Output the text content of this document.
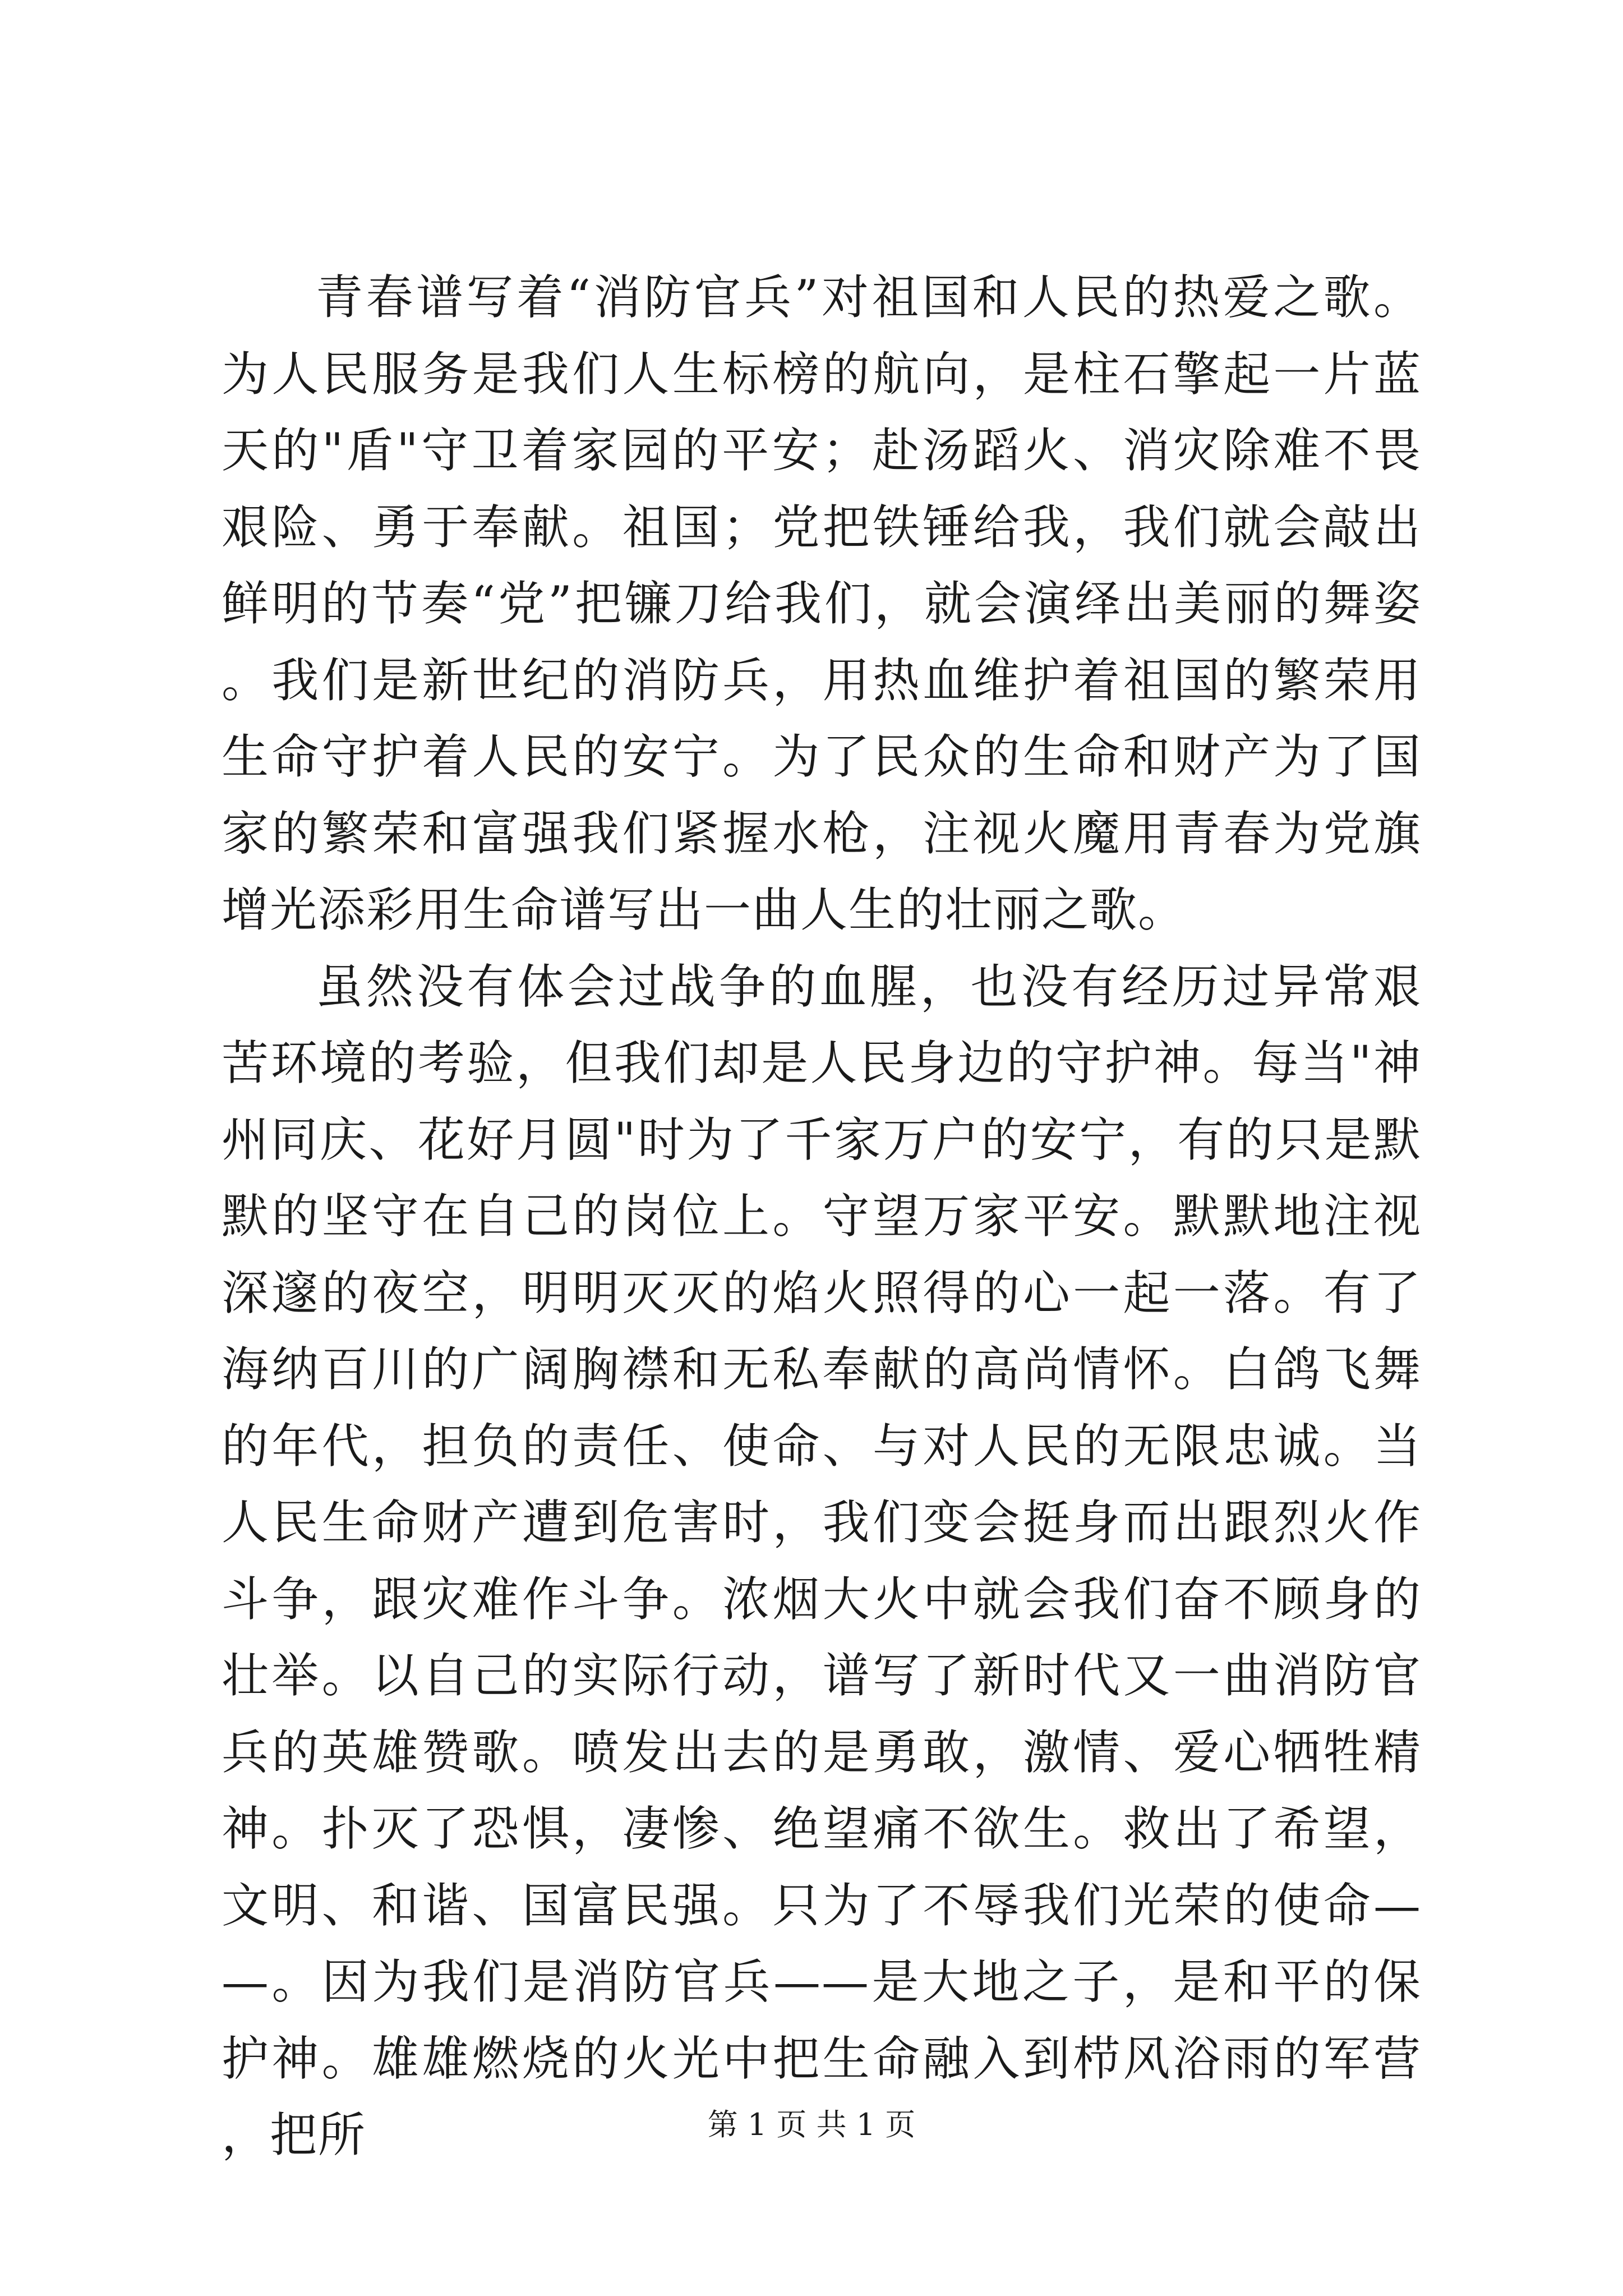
青春谱写着“消防官兵”对祖国和人民的热爱之歌。为人民服务是我们人生标榜的航向，是柱石擎起一片蓝天的"盾"守卫着家园的平安；赴汤蹈火、消灾除难不畏艰险、勇于奉献。祖国；党把铁锤给我，我们就会敲出鲜明的节奏“党”把镰刀给我们，就会演绎出美丽的舞姿。我们是新世纪的消防兵，用热血维护着祖国的繁荣用生命守护着人民的安宁。为了民众的生命和财产为了国家的繁荣和富强我们紧握水枪，注视火魔用青春为党旗增光添彩用生命谱写出一曲人生的壮丽之歌。

虽然没有体会过战争的血腥，也没有经历过异常艰苦环境的考验，但我们却是人民身边的守护神。每当"神州同庆、花好月圆"时为了千家万户的安宁，有的只是默默的坚守在自己的岗位上。守望万家平安。默默地注视深邃的夜空，明明灭灭的焰火照得的心一起一落。有了海纳百川的广阔胸襟和无私奉献的高尚情怀。白鸽飞舞的年代，担负的责任、使命、与对人民的无限忠诚。当人民生命财产遭到危害时，我们变会挺身而出跟烈火作斗争，跟灾难作斗争。浓烟大火中就会我们奋不顾身的壮举。以自己的实际行动，谱写了新时代又一曲消防官兵的英雄赞歌。喷发出去的是勇敢，激情、爱心牺牲精神。扑灭了恐惧，凄惨、绝望痛不欲生。救出了希望，文明、和谐、国富民强。只为了不辱我们光荣的使命——。因为我们是消防官兵——是大地之子，是和平的保护神。雄雄燃烧的火光中把生命融入到栉风浴雨的军营，把所	第 1 页 共 1 页
